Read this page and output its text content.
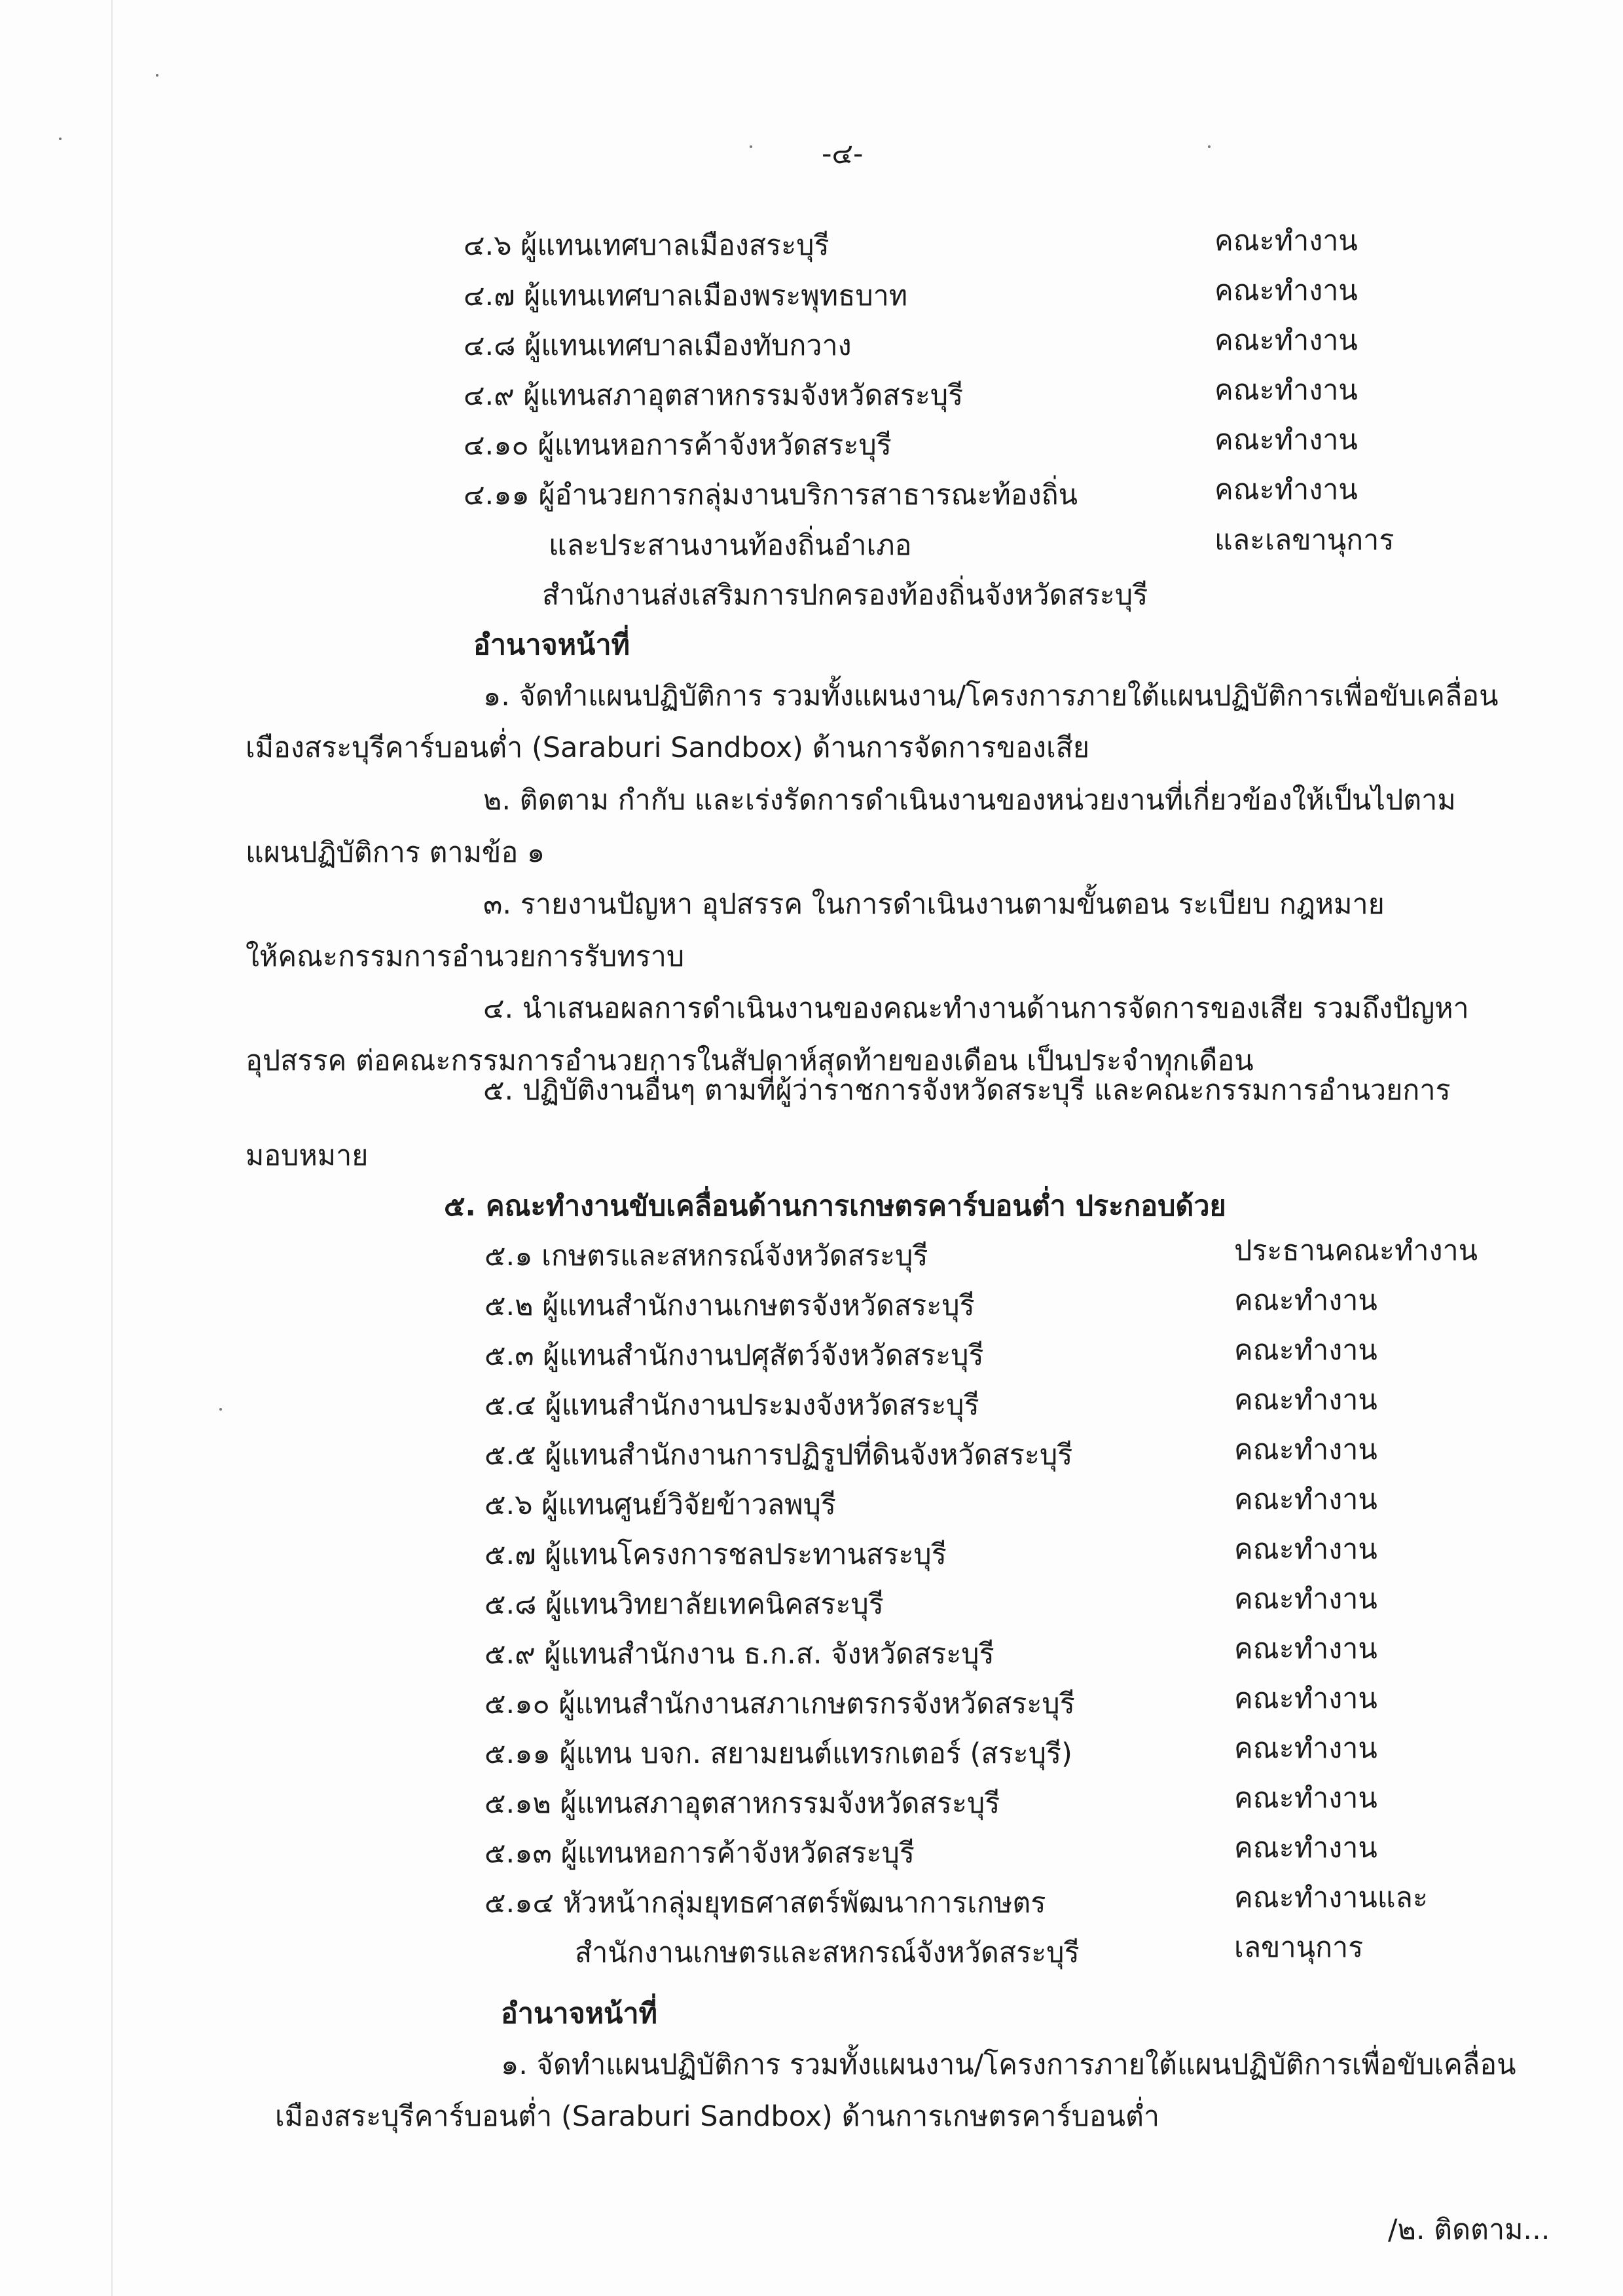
-๔-
๔.๖ ผู้แทนเทศบาลเมืองสระบุรี	คณะทำงาน
๔.๗ ผู้แทนเทศบาลเมืองพระพุทธบาท	คณะทำงาน
๔.๘ ผู้แทนเทศบาลเมืองทับกวาง	คณะทำงาน
๔.๙ ผู้แทนสภาอุตสาหกรรมจังหวัดสระบุรี	คณะทำงาน
๔.๑๐ ผู้แทนหอการค้าจังหวัดสระบุรี	คณะทำงาน
๔.๑๑ ผู้อำนวยการกลุ่มงานบริการสาธารณะท้องถิ่น	คณะทำงาน
และประสานงานท้องถิ่นอำเภอ	และเลขานุการ
สำนักงานส่งเสริมการปกครองท้องถิ่นจังหวัดสระบุรี
อำนาจหน้าที่
๑. จัดทำแผนปฏิบัติการ รวมทั้งแผนงาน/โครงการภายใต้แผนปฏิบัติการเพื่อขับเคลื่อน
เมืองสระบุรีคาร์บอนต่ำ (Saraburi Sandbox) ด้านการจัดการของเสีย
๒. ติดตาม กำกับ และเร่งรัดการดำเนินงานของหน่วยงานที่เกี่ยวข้องให้เป็นไปตาม
แผนปฏิบัติการ ตามข้อ ๑
๓. รายงานปัญหา อุปสรรค ในการดำเนินงานตามขั้นตอน ระเบียบ กฎหมาย
ให้คณะกรรมการอำนวยการรับทราบ
๔. นำเสนอผลการดำเนินงานของคณะทำงานด้านการจัดการของเสีย รวมถึงปัญหา
อุปสรรค ต่อคณะกรรมการอำนวยการในสัปดาห์สุดท้ายของเดือน เป็นประจำทุกเดือน
๕. ปฏิบัติงานอื่นๆ ตามที่ผู้ว่าราชการจังหวัดสระบุรี และคณะกรรมการอำนวยการ
มอบหมาย
๕. คณะทำงานขับเคลื่อนด้านการเกษตรคาร์บอนต่ำ ประกอบด้วย
๕.๑ เกษตรและสหกรณ์จังหวัดสระบุรี	ประธานคณะทำงาน
๕.๒ ผู้แทนสำนักงานเกษตรจังหวัดสระบุรี	คณะทำงาน
๕.๓ ผู้แทนสำนักงานปศุสัตว์จังหวัดสระบุรี	คณะทำงาน
๕.๔ ผู้แทนสำนักงานประมงจังหวัดสระบุรี	คณะทำงาน
๕.๕ ผู้แทนสำนักงานการปฏิรูปที่ดินจังหวัดสระบุรี	คณะทำงาน
๕.๖ ผู้แทนศูนย์วิจัยข้าวลพบุรี	คณะทำงาน
๕.๗ ผู้แทนโครงการชลประทานสระบุรี	คณะทำงาน
๕.๘ ผู้แทนวิทยาลัยเทคนิคสระบุรี	คณะทำงาน
๕.๙ ผู้แทนสำนักงาน ธ.ก.ส. จังหวัดสระบุรี	คณะทำงาน
๕.๑๐ ผู้แทนสำนักงานสภาเกษตรกรจังหวัดสระบุรี	คณะทำงาน
๕.๑๑ ผู้แทน บจก. สยามยนต์แทรกเตอร์ (สระบุรี)	คณะทำงาน
๕.๑๒ ผู้แทนสภาอุตสาหกรรมจังหวัดสระบุรี	คณะทำงาน
๕.๑๓ ผู้แทนหอการค้าจังหวัดสระบุรี	คณะทำงาน
๕.๑๔ หัวหน้ากลุ่มยุทธศาสตร์พัฒนาการเกษตร	คณะทำงานและ
สำนักงานเกษตรและสหกรณ์จังหวัดสระบุรี	เลขานุการ
อำนาจหน้าที่
๑. จัดทำแผนปฏิบัติการ รวมทั้งแผนงาน/โครงการภายใต้แผนปฏิบัติการเพื่อขับเคลื่อน
เมืองสระบุรีคาร์บอนต่ำ (Saraburi Sandbox) ด้านการเกษตรคาร์บอนต่ำ
/๒. ติดตาม...
